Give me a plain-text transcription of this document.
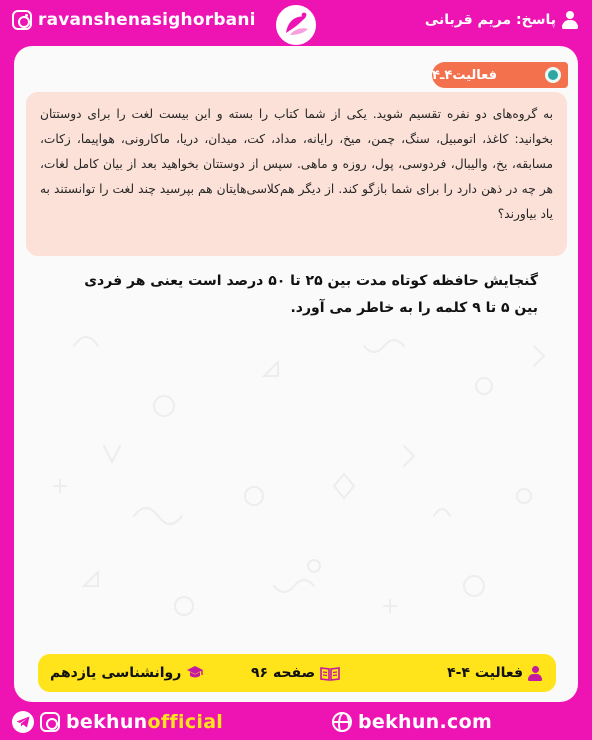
ravanshenasighorbani	پاسخ: مریم قربانی
فعالیت۴ـ۴
به گروه‌های دو نفره تقسیم شوید. یکی از شما کتاب را بسته و این بیست لغت را برای دوستتان بخوانید: کاغذ، اتومبیل، سنگ، چمن، میخ، رایانه، مداد، کت، میدان، دریا، ماکارونی، هواپیما، زکات، مسابقه، یخ، والیبال، فردوسی، پول، روزه و ماهی. سپس از دوستتان بخواهید بعد از بیان کامل لغات، هر چه در ذهن دارد را برای شما بازگو کند. از دیگر هم‌کلاسی‌هایتان هم بپرسید چند لغت را توانستند به یاد بیاورند؟
گنجایش حافظه کوتاه مدت بین ۲۵ تا ۵۰ درصد است یعنی هر فردی بین ۵ تا ۹ کلمه را به خاطر می آورد.
فعالیت ۴-۴
صفحه ۹۶
روانشناسی یازدهم
bekhunofficial	bekhun.com
